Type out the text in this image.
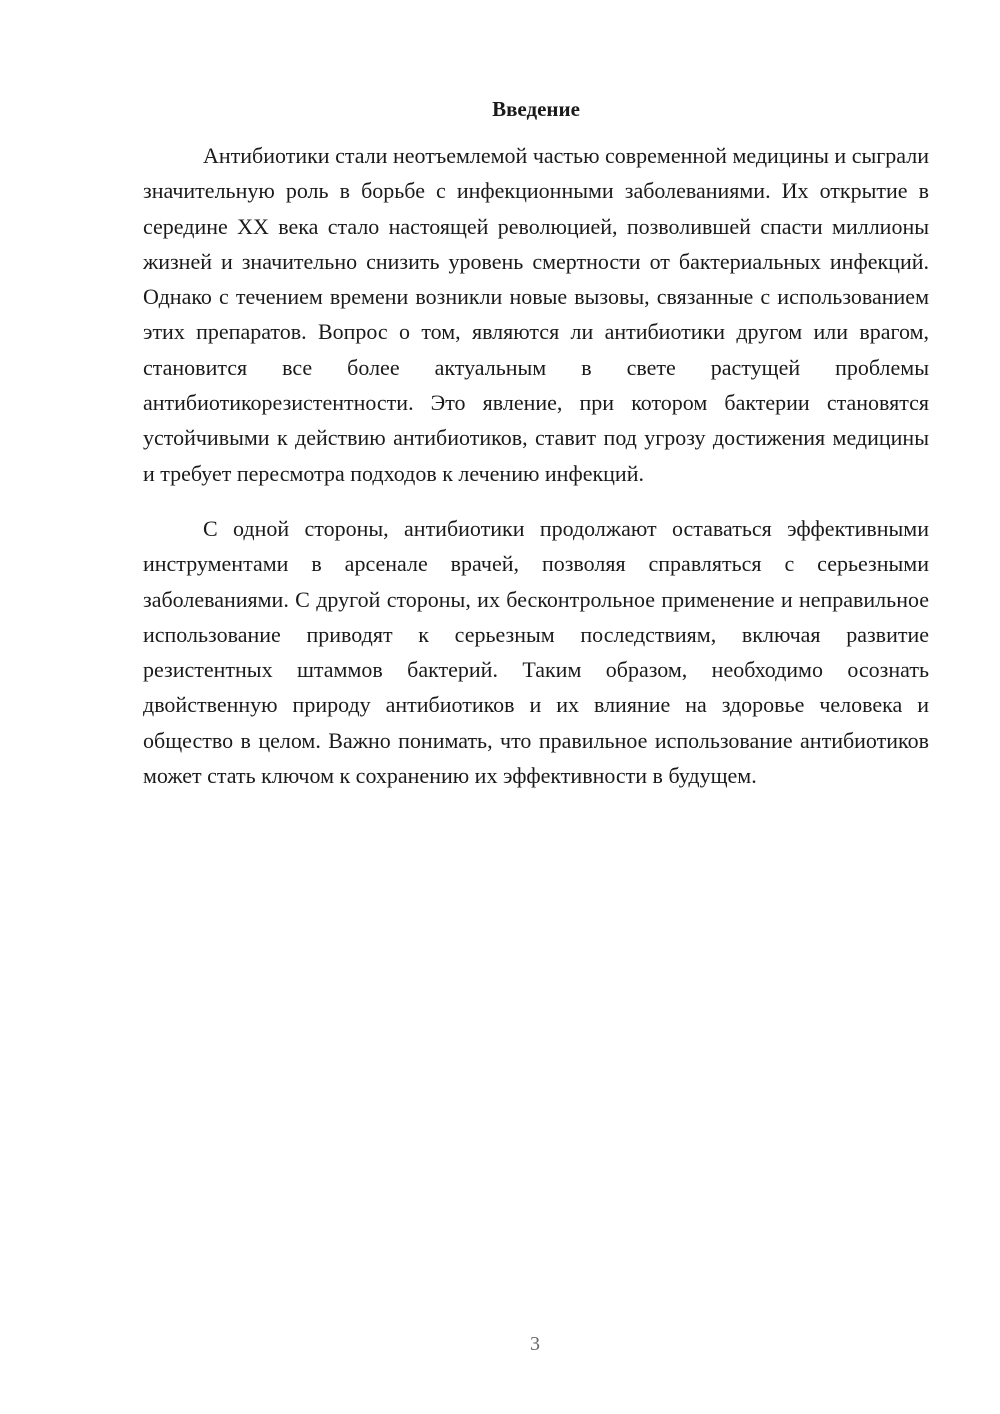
Введение

Антибиотики стали неотъемлемой частью современной медицины и сыграли значительную роль в борьбе с инфекционными заболеваниями. Их открытие в середине XX века стало настоящей революцией, позволившей спасти миллионы жизней и значительно снизить уровень смертности от бактериальных инфекций. Однако с течением времени возникли новые вызовы, связанные с использованием этих препаратов. Вопрос о том, являются ли антибиотики другом или врагом, становится все более актуальным в свете растущей проблемы антибиотикорезистентности. Это явление, при котором бактерии становятся устойчивыми к действию антибиотиков, ставит под угрозу достижения медицины и требует пересмотра подходов к лечению инфекций.

С одной стороны, антибиотики продолжают оставаться эффективными инструментами в арсенале врачей, позволяя справляться с серьезными заболеваниями. С другой стороны, их бесконтрольное применение и неправильное использование приводят к серьезным последствиям, включая развитие резистентных штаммов бактерий. Таким образом, необходимо осознать двойственную природу антибиотиков и их влияние на здоровье человека и общество в целом. Важно понимать, что правильное использование антибиотиков может стать ключом к сохранению их эффективности в будущем.

3
